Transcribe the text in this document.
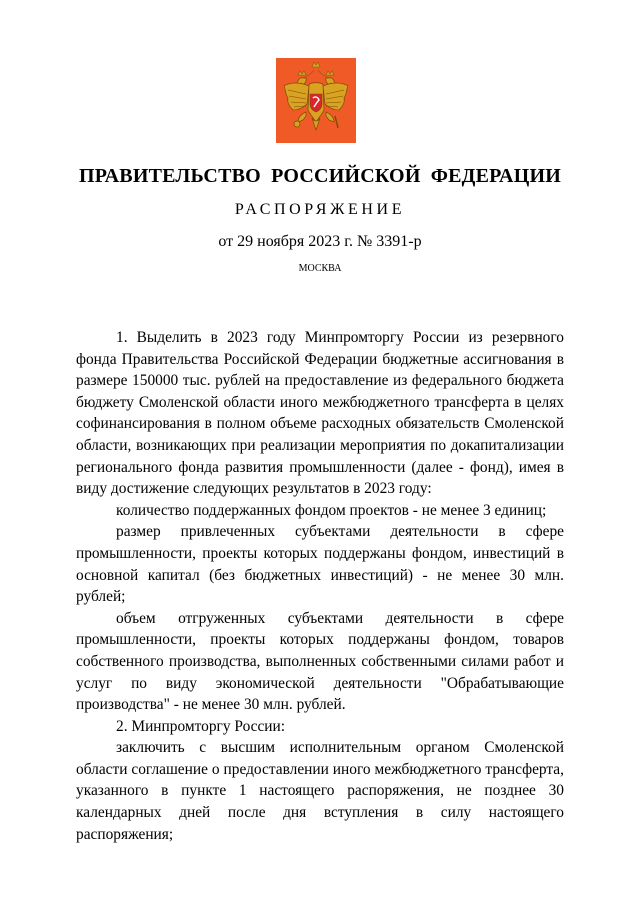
ПРАВИТЕЛЬСТВО РОССИЙСКОЙ ФЕДЕРАЦИИ
РАСПОРЯЖЕНИЕ
от 29 ноября 2023 г. № 3391-р
МОСКВА

1. Выделить в 2023 году Минпромторгу России из резервного фонда Правительства Российской Федерации бюджетные ассигнования в размере 150000 тыс. рублей на предоставление из федерального бюджета бюджету Смоленской области иного межбюджетного трансферта в целях софинансирования в полном объеме расходных обязательств Смоленской области, возникающих при реализации мероприятия по докапитализации регионального фонда развития промышленности (далее - фонд), имея в виду достижение следующих результатов в 2023 году:

количество поддержанных фондом проектов - не менее 3 единиц;

размер привлеченных субъектами деятельности в сфере промышленности, проекты которых поддержаны фондом, инвестиций в основной капитал (без бюджетных инвестиций) - не менее 30 млн. рублей;

объем отгруженных субъектами деятельности в сфере промышленности, проекты которых поддержаны фондом, товаров собственного производства, выполненных собственными силами работ и услуг по виду экономической деятельности "Обрабатывающие производства" - не менее 30 млн. рублей.

2. Минпромторгу России:

заключить с высшим исполнительным органом Смоленской области соглашение о предоставлении иного межбюджетного трансферта, указанного в пункте 1 настоящего распоряжения, не позднее 30 календарных дней после дня вступления в силу настоящего распоряжения;
